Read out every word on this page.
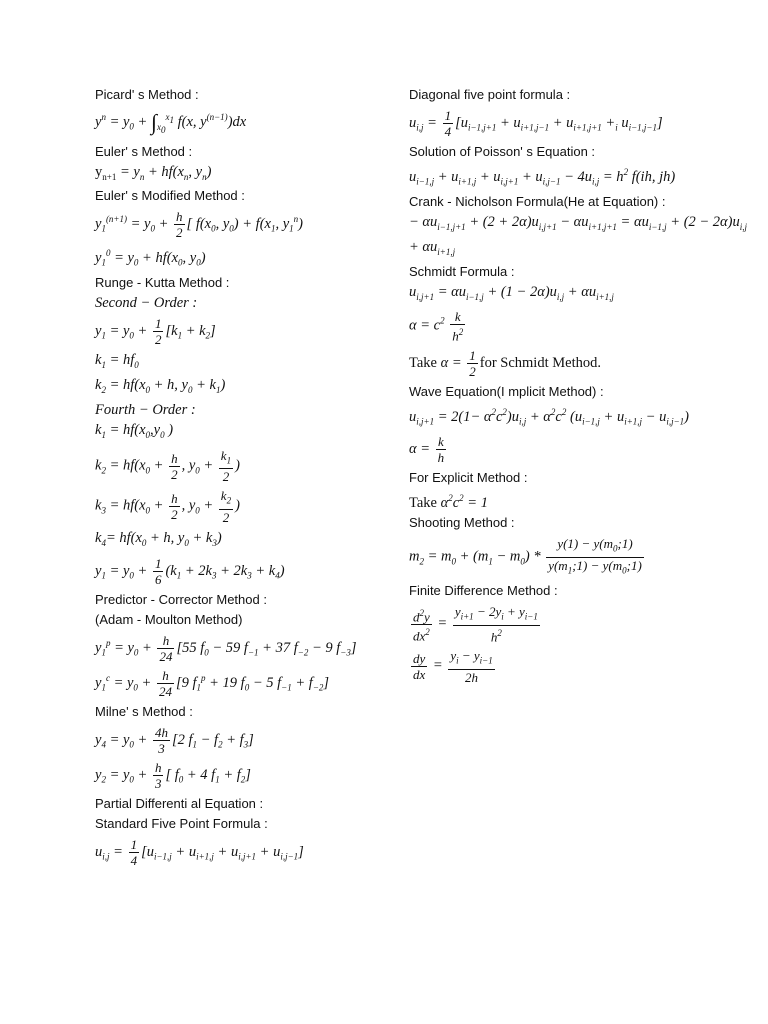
Picard' s Method :
$y^n = y_0 + \int_{x_0}^{x_1}$ f(x, $y^{(n-1)})dx$
Euler' s Method :
$y_{n+1} = y_n + hf(x_n$, $y_n$)
Euler' s Modified Method :
$y_1^{(n+1)} = y_0 + \frac{h}{2}$ [ $f(x_0$, $y_0) + f(x_1$, $y_1^n$)
$y_1^0 = y_0 + hf(x_0$, $y_0$)
Runge - Kutta Method :
Second − Order :
$y_1 = y_0 + \frac{1}{2} [k_1 + k_2]$
$k_1 = hf_0$
$k_2 = hf(x_0 + h$, $y_0 + k_1$)
Fourth − Order :
$k_1 = hf(x_0,y_0$ )
$k_2 = hf(x_0 + \frac{h}{2}$ , $y_0 + \frac{k_1}{2}$ )
$k_3 = hf(x_0 + \frac{h}{2}$ , $y_0 + \frac{k_2}{2}$ )
$k_4= hf(x_0 + h$, $y_0 + k_3$)
$y_1 = y_0 + \frac{1}{6} (k_1 + 2k_3 + 2k_3 + k_4)$
Predictor - Corrector Method :
(Adam - Moulton Method)
$y_1^p = y_0 + \frac{h}{24} [55$ $f_0 - 59$ $f_{-1} + 37$ $f_{-2} - 9$ $f_{-3}$]
$y_1^c = y_0 + \frac{h}{24} [9$ $f_1^p + 19$ $f_0 - 5$ $f_{-1} + f_{-2}$]
Milne' s Method :
$y_4 = y_0 + \frac{4h}{3} [2$ $f_1 - f_2 + f_3$]
$y_2 = y_0 + \frac{h}{3}$ [ $f_0 + 4$ $f_1 + f_2$]
Partial Differenti al Equation :
Standard Five Point Formula :
$u_{i,j} = \frac{1}{4} [u_{i-1,j} + u_{i+1,j} + u_{i,j+1} + u_{i,j-1}]$
Diagonal five point formula :
$u_{i,j} = \frac{1}{4} [u_{i-1,j+1} + u_{i+1,j-1} + u_{i+1,j+1} +_i$ $u_{i-1,j-1}$]
Solution of Poisson' s Equation :
$u_{i-1,j} + u_{i+1,j} + u_{i,j+1} + u_{i,j-1} - 4u_{i,j} = h^2$ f(ih, jh)
Crank - Nicholson Formula(He at Equation) :
− $\alpha u_{i-1,j+1} + (2 + 2\alpha)u_{i,j+1} - \alpha u_{i+1,j+1} = \alpha u_{i-1,j} + (2 - 2\alpha)u_{i,j}$
+ $\alpha u_{i+1,j}$
Schmidt Formula :
$u_{i,j+1} = \alpha u_{i-1,j} + (1 - 2\alpha)u_{i,j} + \alpha u_{i+1,j}$
$\alpha = c^2 \frac{k}{h^2}$
Take $\alpha = \frac{1}{2}$ for Schmidt Method.
Wave Equation(I mplicit Method) :
$u_{i,j+1} = 2(1- \alpha^2c^2)u_{i,j} + \alpha^2c^2$ $(u_{i-1,j} + u_{i+1,j} - u_{i,j-1})$
$\alpha = \frac{k}{h}$
For Explicit Method :
Take $\alpha^2c^2 = 1$
Shooting Method :
$m_2 = m_0 + (m_1 - m_0) * \frac{y(1) - y(m_0;1)}{y(m_1;1) - y(m_0;1)}$
Finite Difference Method :
$\frac{d^2y}{dx^2} = \frac{y_{i+1} - 2y_i + y_{i-1}}{h^2}$
$\frac{dy}{dx} = \frac{y_i - y_{i-1}}{2h}$
